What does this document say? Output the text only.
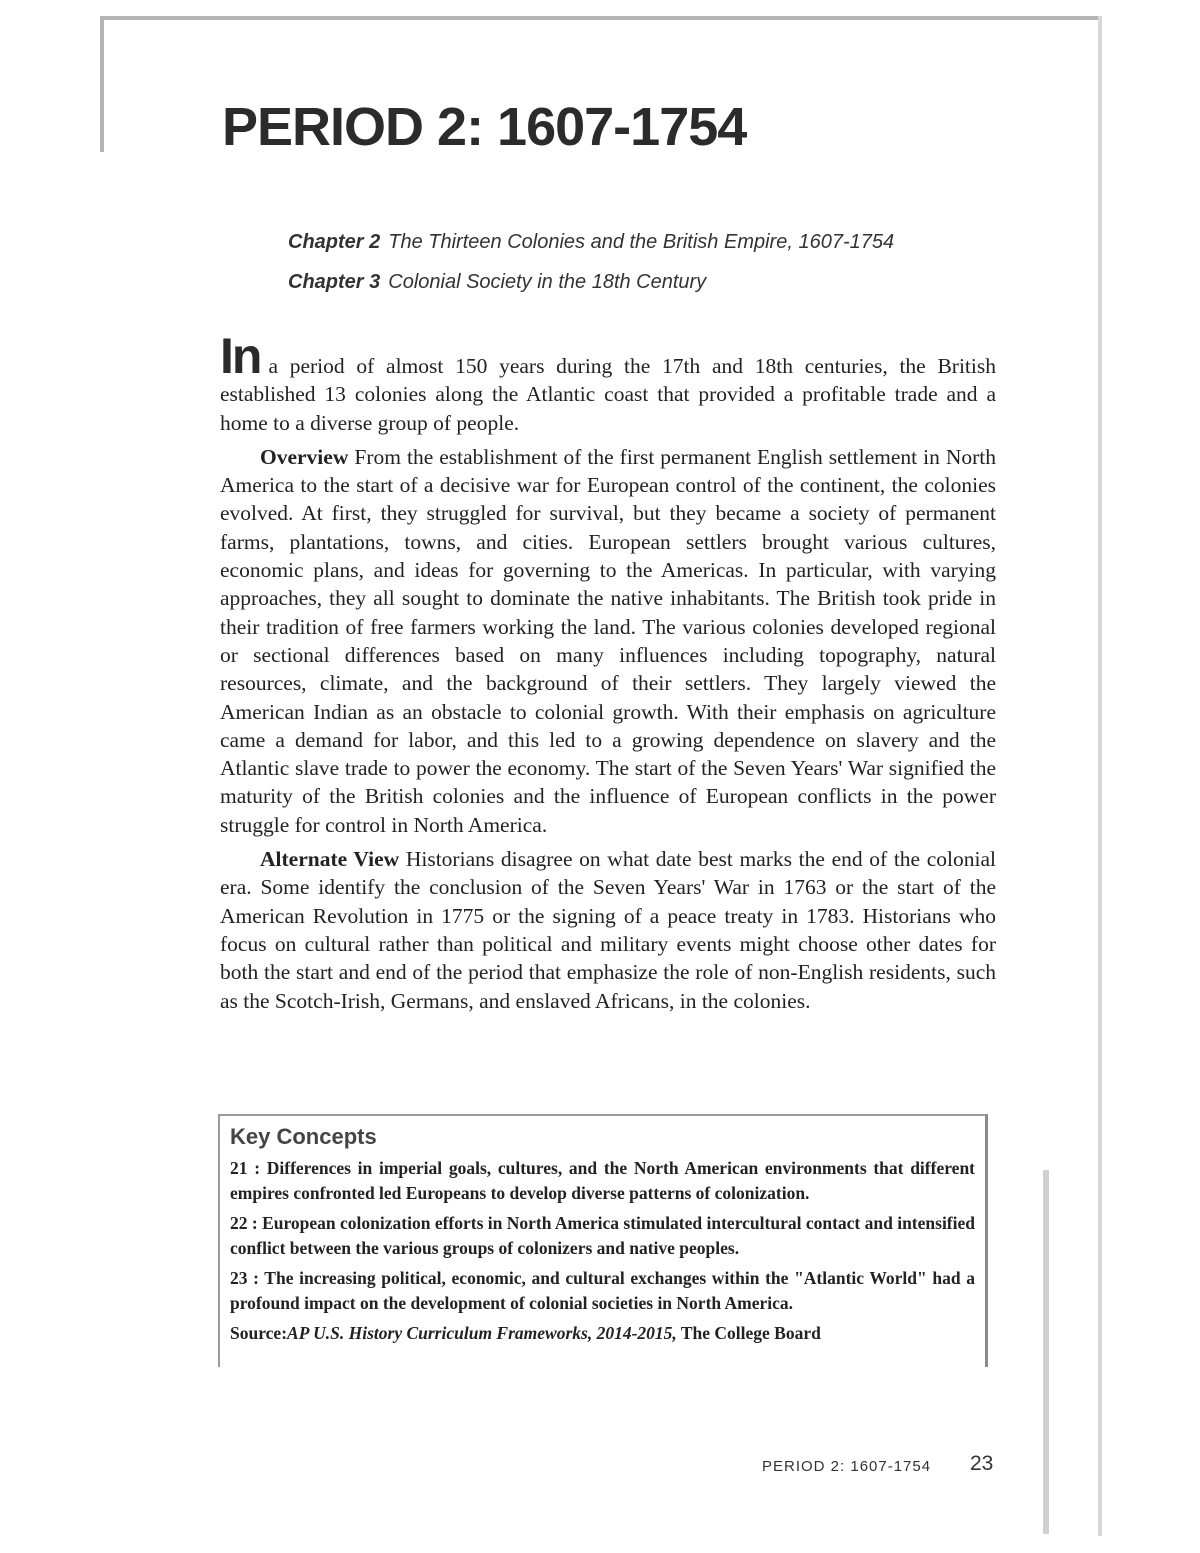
PERIOD 2: 1607-1754
Chapter 2 The Thirteen Colonies and the British Empire, 1607-1754
Chapter 3 Colonial Society in the 18th Century

In a period of almost 150 years during the 17th and 18th centuries, the British established 13 colonies along the Atlantic coast that provided a profitable trade and a home to a diverse group of people.

Overview From the establishment of the first permanent English settlement in North America to the start of a decisive war for European control of the continent, the colonies evolved. At first, they struggled for survival, but they became a society of permanent farms, plantations, towns, and cities. European settlers brought various cultures, economic plans, and ideas for governing to the Americas. In particular, with varying approaches, they all sought to dominate the native inhabitants. The British took pride in their tradition of free farmers working the land. The various colonies developed regional or sectional differences based on many influences including topography, natural resources, climate, and the background of their settlers. They largely viewed the American Indian as an obstacle to colonial growth. With their emphasis on agriculture came a demand for labor, and this led to a growing dependence on slavery and the Atlantic slave trade to power the economy. The start of the Seven Years' War signified the maturity of the British colonies and the influence of European conflicts in the power struggle for control in North America.

Alternate View Historians disagree on what date best marks the end of the colonial era. Some identify the conclusion of the Seven Years' War in 1763 or the start of the American Revolution in 1775 or the signing of a peace treaty in 1783. Historians who focus on cultural rather than political and military events might choose other dates for both the start and end of the period that emphasize the role of non-English residents, such as the Scotch-Irish, Germans, and enslaved Africans, in the colonies.

Key Concepts
21 : Differences in imperial goals, cultures, and the North American environments that different empires confronted led Europeans to develop diverse patterns of colonization.
22 : European colonization efforts in North America stimulated intercultural contact and intensified conflict between the various groups of colonizers and native peoples.
23 : The increasing political, economic, and cultural exchanges within the "Atlantic World" had a profound impact on the development of colonial societies in North America.
Source:AP U.S. History Curriculum Frameworks, 2014-2015, The College Board
PERIOD 2: 1607-1754 23
